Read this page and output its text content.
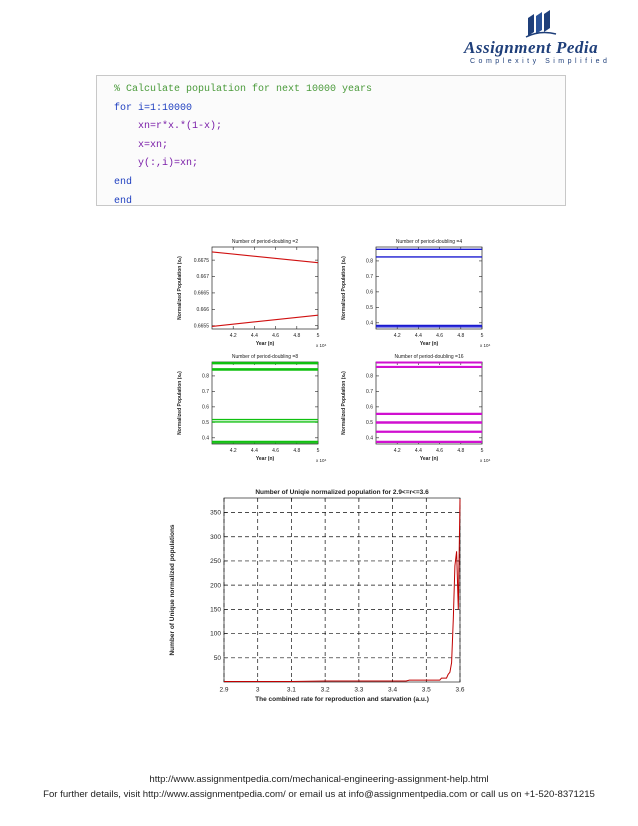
Assignment Pedia
Complexity Simplified
% Calculate population for next 10000 years
for i=1:10000
xn=r*x.*(1-x);
x=xn;
y(:,i)=xn;
end
end
Number of period-doubling =2
4.2	4.4	4.6	4.8	5
0.6655
0.666
0.6665
0.667
0.6675
Year (n)
Normalized Population (xₙ)
x 10⁴
Number of period-doubling =4
4.2	4.4	4.6	4.8	5
0.4
0.5
0.6
0.7
0.8
Year (n)
Normalized Population (xₙ)
x 10⁴
Number of period-doubling =8
4.2	4.4	4.6	4.8	5
0.4
0.5
0.6
0.7
0.8
Year (n)
Normalized Population (xₙ)
x 10⁴
Number of period-doubling =16
4.2	4.4	4.6	4.8	5
0.4
0.5
0.6
0.7
0.8
Year (n)
Normalized Population (xₙ)
x 10⁴
Number of Uniqie normalized population for 2.9<=r<=3.6
2.9	3	3.1	3.2	3.3	3.4	3.5	3.6
50
100
150
200
250
300
350
The combined rate for reproduction and starvation (a.u.)
Number of Unique normalized populations
http://www.assignmentpedia.com/mechanical-engineering-assignment-help.html
For further details, visit http://www.assignmentpedia.com/ or email us at info@assignmentpedia.com or call us on +1-520-8371215
